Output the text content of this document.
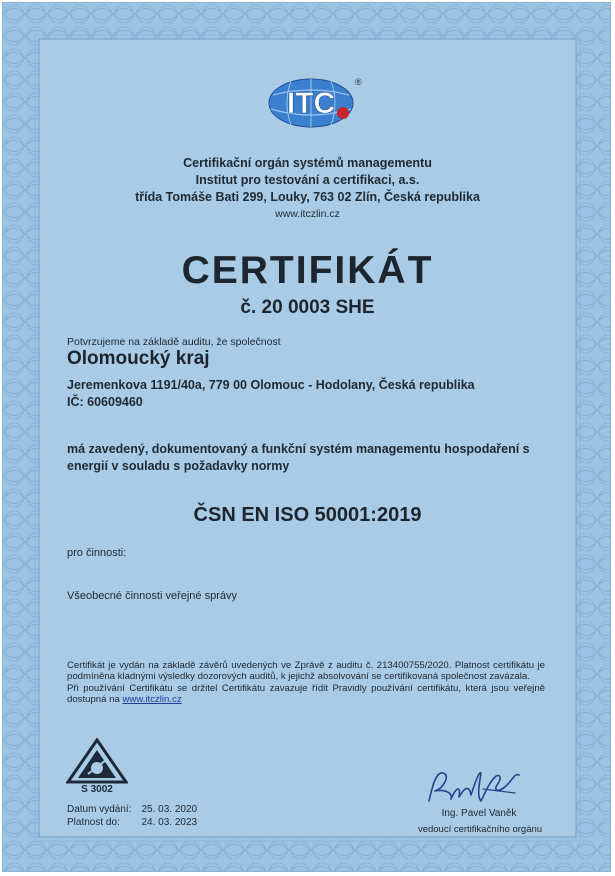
ITC
®
Certifikační orgán systémů managementu
Institut pro testování a certifikaci, a.s.
třída Tomáše Bati 299, Louky, 763 02 Zlín, Česká republika
www.itczlin.cz
CERTIFIKÁT
č. 20 0003 SHE
Potvrzujeme na základě auditu, že společnost
Olomoucký kraj
Jeremenkova 1191/40a, 779 00 Olomouc - Hodolany, Česká republika
IČ: 60609460
má zavedený, dokumentovaný a funkční systém managementu hospodaření s energií v souladu s požadavky normy
ČSN EN ISO 50001:2019
pro činnosti:
Všeobecné činnosti veřejné správy
Certifikát je vydán na základě závěrů uvedených ve Zprávě z auditu č. 213400755/2020. Platnost certifikátu je podmíněna kladnými výsledky dozorových auditů, k jejichž absolvování se certifikovaná společnost zavázala.
Při používání Certifikátu se držitel Certifikátu zavazuje řídit Pravidly používání certifikátu, která jsou veřejně dostupná na www.itczlin.cz
S 3002
Datum vydání:	25. 03. 2020
Platnost do:	24. 03. 2023
Ing. Pavel Vaněk
vedoucí certifikačního orgánu
